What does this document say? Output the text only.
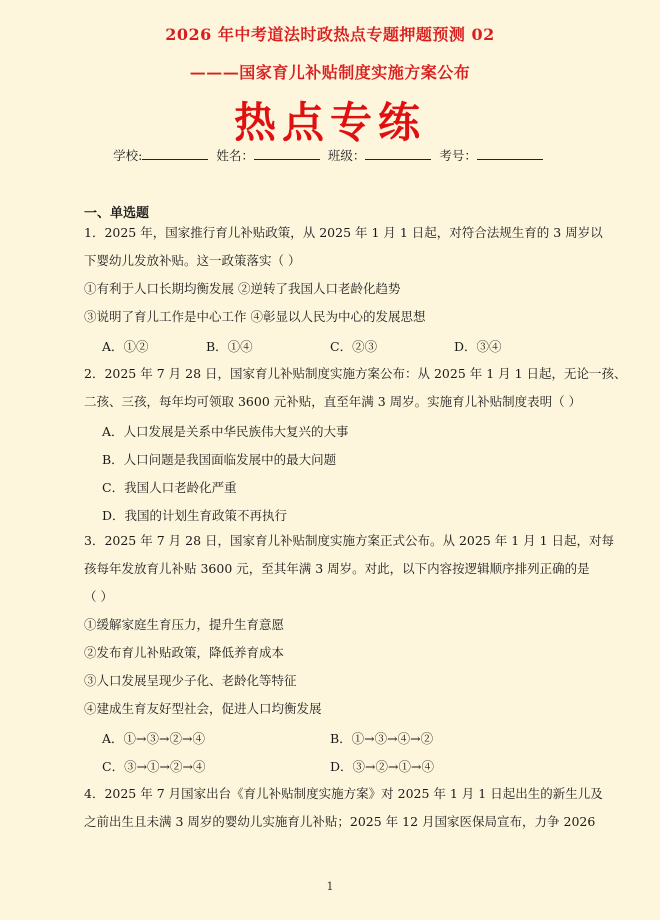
2026 年中考道法时政热点专题押题预测 02
———国家育儿补贴制度实施方案公布
热点专练
学校:	姓名：	班级：	考号：
一、单选题
1．2025 年，国家推行育儿补贴政策，从 2025 年 1 月 1 日起，对符合法规生育的 3 周岁以
下婴幼儿发放补贴。这一政策落实（ ）
①有利于人口长期均衡发展 ②逆转了我国人口老龄化趋势
③说明了育儿工作是中心工作 ④彰显以人民为中心的发展思想
A．①②	B．①④	C．②③	D．③④
2．2025 年 7 月 28 日，国家育儿补贴制度实施方案公布：从 2025 年 1 月 1 日起，无论一孩、
二孩、三孩，每年均可领取 3600 元补贴，直至年满 3 周岁。实施育儿补贴制度表明（ ）
A．人口发展是关系中华民族伟大复兴的大事
B．人口问题是我国面临发展中的最大问题
C．我国人口老龄化严重
D．我国的计划生育政策不再执行
3．2025 年 7 月 28 日，国家育儿补贴制度实施方案正式公布。从 2025 年 1 月 1 日起，对每
孩每年发放育儿补贴 3600 元，至其年满 3 周岁。对此，以下内容按逻辑顺序排列正确的是
（ ）
①缓解家庭生育压力，提升生育意愿
②发布育儿补贴政策，降低养育成本
③人口发展呈现少子化、老龄化等特征
④建成生育友好型社会，促进人口均衡发展
A．①→③→②→④	B．①→③→④→②
C．③→①→②→④	D．③→②→①→④
4．2025 年 7 月国家出台《育儿补贴制度实施方案》对 2025 年 1 月 1 日起出生的新生儿及
之前出生且未满 3 周岁的婴幼儿实施育儿补贴；2025 年 12 月国家医保局宣布，力争 2026
1
